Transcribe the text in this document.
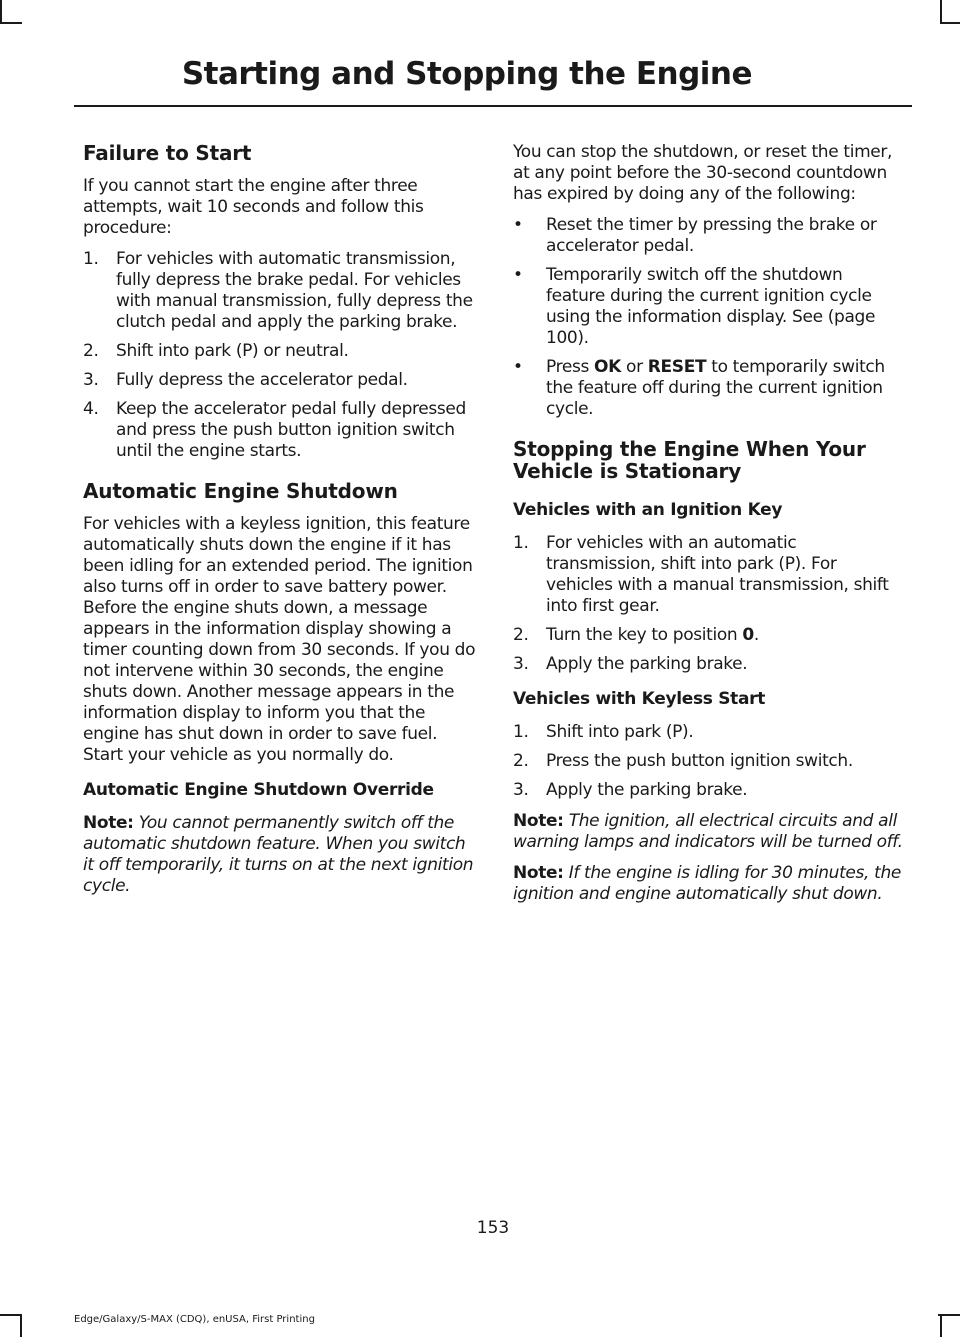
Starting and Stopping the Engine
Failure to Start

If you cannot start the engine after three attempts, wait 10 seconds and follow this procedure:

1. For vehicles with automatic transmission, fully depress the brake pedal. For vehicles with manual transmission, fully depress the clutch pedal and apply the parking brake.
2. Shift into park (P) or neutral.
3. Fully depress the accelerator pedal.
4. Keep the accelerator pedal fully depressed and press the push button ignition switch until the engine starts.
Automatic Engine Shutdown

For vehicles with a keyless ignition, this feature automatically shuts down the engine if it has been idling for an extended period. The ignition also turns off in order to save battery power. Before the engine shuts down, a message appears in the information display showing a timer counting down from 30 seconds. If you do not intervene within 30 seconds, the engine shuts down. Another message appears in the information display to inform you that the engine has shut down in order to save fuel. Start your vehicle as you normally do.

Automatic Engine Shutdown Override

Note: You cannot permanently switch off the automatic shutdown feature. When you switch it off temporarily, it turns on at the next ignition cycle.

You can stop the shutdown, or reset the timer, at any point before the 30-second countdown has expired by doing any of the following:

• Reset the timer by pressing the brake or accelerator pedal.
• Temporarily switch off the shutdown feature during the current ignition cycle using the information display. See (page 100).
• Press OK or RESET to temporarily switch the feature off during the current ignition cycle.
Stopping the Engine When Your Vehicle is Stationary
Vehicles with an Ignition Key
1. For vehicles with an automatic transmission, shift into park (P). For vehicles with a manual transmission, shift into first gear.
2. Turn the key to position 0.
3. Apply the parking brake.
Vehicles with Keyless Start
1. Shift into park (P).
2. Press the push button ignition switch.
3. Apply the parking brake.

Note: The ignition, all electrical circuits and all warning lamps and indicators will be turned off.

Note: If the engine is idling for 30 minutes, the ignition and engine automatically shut down.

153
Edge/Galaxy/S-MAX (CDQ), enUSA, First Printing
